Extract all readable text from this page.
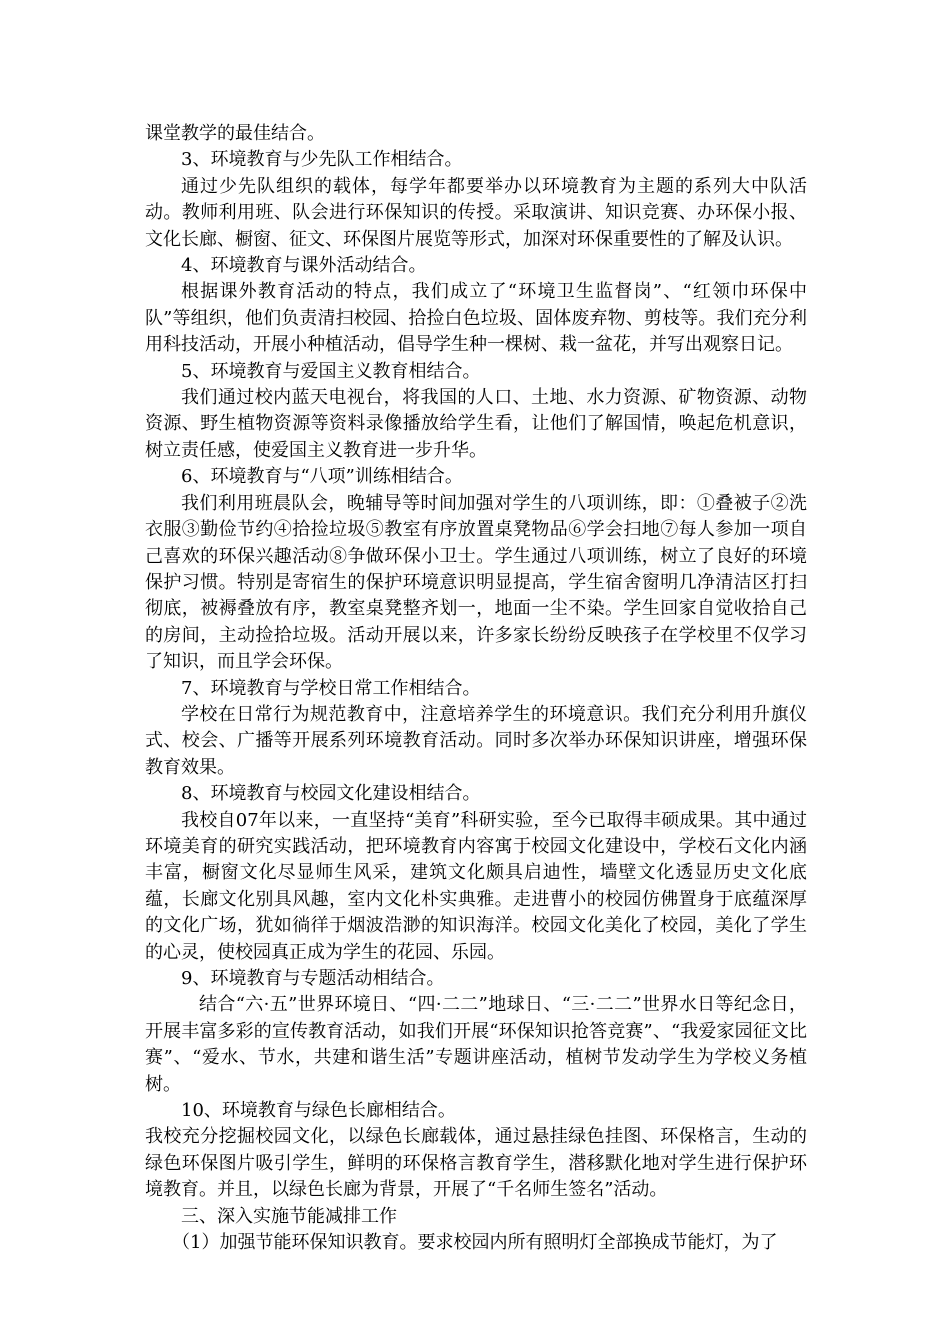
课堂教学的最佳结合。

3、环境教育与少先队工作相结合。

通过少先队组织的载体，每学年都要举办以环境教育为主题的系列大中队活动。教师利用班、队会进行环保知识的传授。采取演讲、知识竞赛、办环保小报、文化长廊、橱窗、征文、环保图片展览等形式，加深对环保重要性的了解及认识。

4、环境教育与课外活动结合。

根据课外教育活动的特点，我们成立了“环境卫生监督岗”、“红领巾环保中队”等组织，他们负责清扫校园、拾捡白色垃圾、固体废弃物、剪枝等。我们充分利用科技活动，开展小种植活动，倡导学生种一棵树、栽一盆花，并写出观察日记。

5、环境教育与爱国主义教育相结合。

我们通过校内蓝天电视台，将我国的人口、土地、水力资源、矿物资源、动物资源、野生植物资源等资料录像播放给学生看，让他们了解国情，唤起危机意识，树立责任感，使爱国主义教育进一步升华。

6、环境教育与“八项”训练相结合。

我们利用班晨队会，晚辅导等时间加强对学生的八项训练，即：①叠被子②洗衣服③勤俭节约④拾捡垃圾⑤教室有序放置桌凳物品⑥学会扫地⑦每人参加一项自己喜欢的环保兴趣活动⑧争做环保小卫士。学生通过八项训练，树立了良好的环境保护习惯。特别是寄宿生的保护环境意识明显提高，学生宿舍窗明几净清洁区打扫彻底，被褥叠放有序，教室桌凳整齐划一，地面一尘不染。学生回家自觉收拾自己的房间，主动捡拾垃圾。活动开展以来，许多家长纷纷反映孩子在学校里不仅学习了知识，而且学会环保。

7、环境教育与学校日常工作相结合。

学校在日常行为规范教育中，注意培养学生的环境意识。我们充分利用升旗仪式、校会、广播等开展系列环境教育活动。同时多次举办环保知识讲座，增强环保教育效果。

8、环境教育与校园文化建设相结合。

我校自07年以来，一直坚持“美育”科研实验，至今已取得丰硕成果。其中通过环境美育的研究实践活动，把环境教育内容寓于校园文化建设中，学校石文化内涵丰富，橱窗文化尽显师生风采，建筑文化颇具启迪性，墙壁文化透显历史文化底蕴，长廊文化别具风趣，室内文化朴实典雅。走进曹小的校园仿佛置身于底蕴深厚的文化广场，犹如徜徉于烟波浩渺的知识海洋。校园文化美化了校园，美化了学生的心灵，使校园真正成为学生的花园、乐园。

9、环境教育与专题活动相结合。

结合“六·五”世界环境日、“四·二二”地球日、“三·二二”世界水日等纪念日，开展丰富多彩的宣传教育活动，如我们开展“环保知识抢答竞赛”、“我爱家园征文比赛”、“爱水、节水，共建和谐生活”专题讲座活动，植树节发动学生为学校义务植树。

10、环境教育与绿色长廊相结合。

我校充分挖掘校园文化，以绿色长廊载体，通过悬挂绿色挂图、环保格言，生动的绿色环保图片吸引学生，鲜明的环保格言教育学生，潜移默化地对学生进行保护环境教育。并且，以绿色长廊为背景，开展了“千名师生签名”活动。

三、深入实施节能减排工作

（1）加强节能环保知识教育。要求校园内所有照明灯全部换成节能灯，为了
